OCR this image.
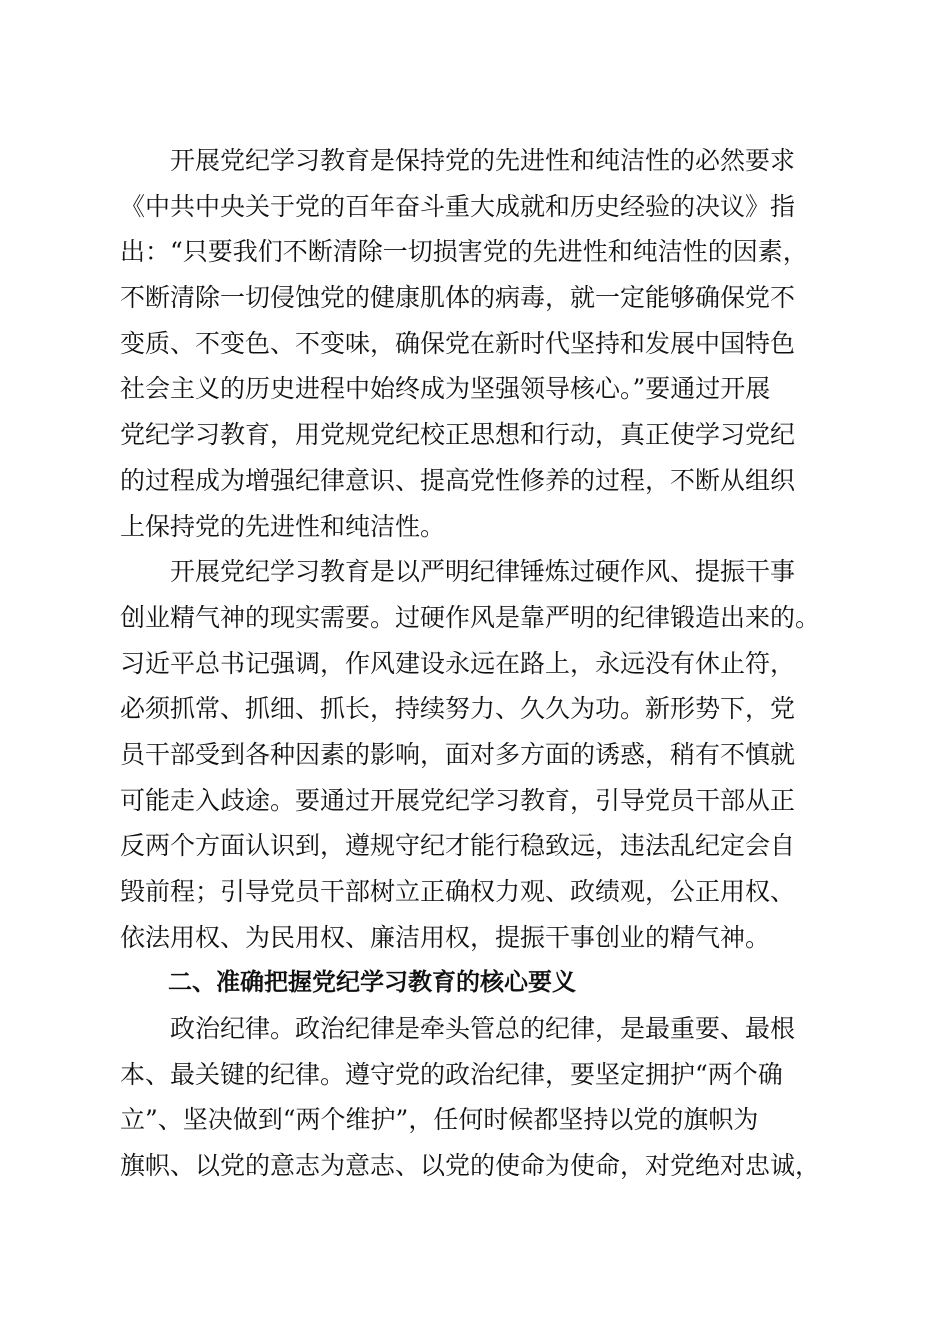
　　开展党纪学习教育是保持党的先进性和纯洁性的必然要求
《中共中央关于党的百年奋斗重大成就和历史经验的决议》指
出：“只要我们不断清除一切损害党的先进性和纯洁性的因素，
不断清除一切侵蚀党的健康肌体的病毒，就一定能够确保党不
变质、不变色、不变味，确保党在新时代坚持和发展中国特色
社会主义的历史进程中始终成为坚强领导核心。”要通过开展
党纪学习教育，用党规党纪校正思想和行动，真正使学习党纪
的过程成为增强纪律意识、提高党性修养的过程，不断从组织
上保持党的先进性和纯洁性。
　　开展党纪学习教育是以严明纪律锤炼过硬作风、提振干事
创业精气神的现实需要。过硬作风是靠严明的纪律锻造出来的。
习近平总书记强调，作风建设永远在路上，永远没有休止符，
必须抓常、抓细、抓长，持续努力、久久为功。新形势下，党
员干部受到各种因素的影响，面对多方面的诱惑，稍有不慎就
可能走入歧途。要通过开展党纪学习教育，引导党员干部从正
反两个方面认识到，遵规守纪才能行稳致远，违法乱纪定会自
毁前程；引导党员干部树立正确权力观、政绩观，公正用权、
依法用权、为民用权、廉洁用权，提振干事创业的精气神。
　　二、准确把握党纪学习教育的核心要义
　　政治纪律。政治纪律是牵头管总的纪律，是最重要、最根
本、最关键的纪律。遵守党的政治纪律，要坚定拥护“两个确
立”、坚决做到“两个维护”，任何时候都坚持以党的旗帜为
旗帜、以党的意志为意志、以党的使命为使命，对党绝对忠诚，
